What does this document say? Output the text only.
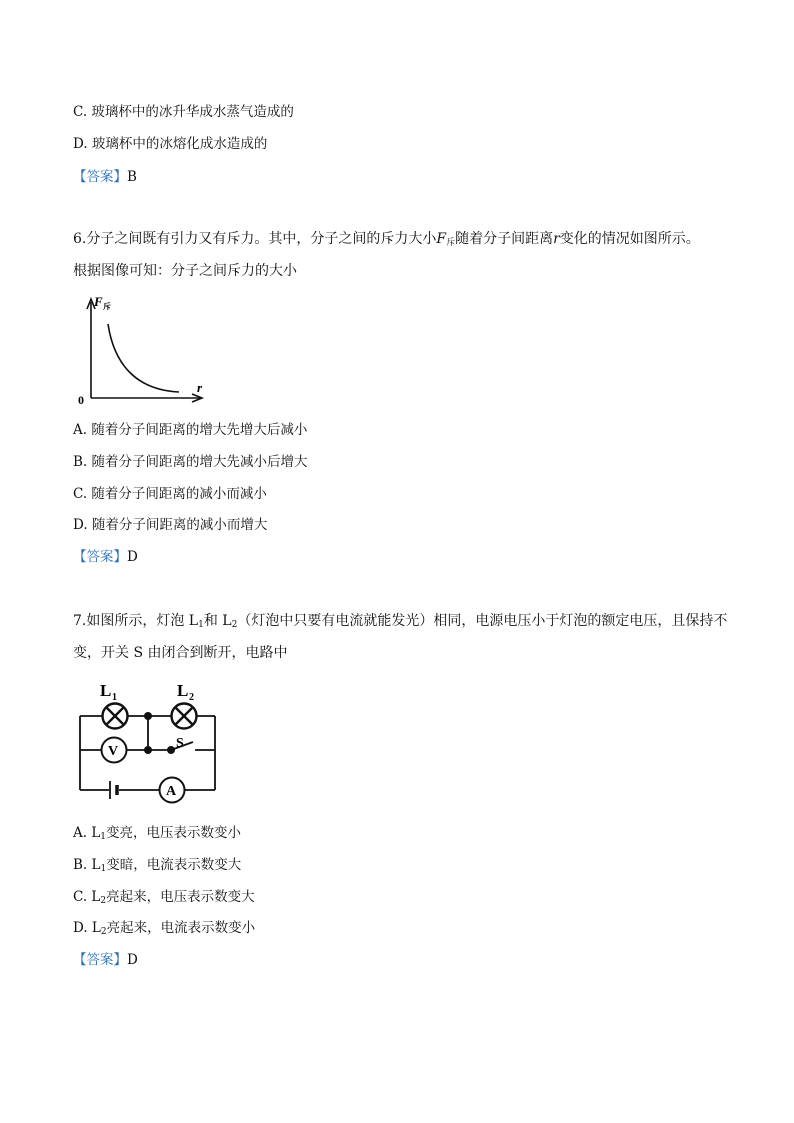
C. 玻璃杯中的冰升华成水蒸气造成的
D. 玻璃杯中的冰熔化成水造成的
【答案】B
6.分子之间既有引力又有斥力。其中，分子之间的斥力大小$F_斥$随着分子间距离r变化的情况如图所示。
根据图像可知：分子之间斥力的大小
F 斥
r
0
A. 随着分子间距离的增大先增大后减小
B. 随着分子间距离的增大先减小后增大
C. 随着分子间距离的减小而减小
D. 随着分子间距离的减小而增大
【答案】D
7.如图所示，灯泡 $L_1$和 $L_2$（灯泡中只要有电流就能发光）相同，电源电压小于灯泡的额定电压，且保持不
变，开关 S 由闭合到断开，电路中
L 1	L 2
V
S
A
A. $L_1$变亮，电压表示数变小
B. $L_1$变暗，电流表示数变大
C. $L_2$亮起来，电压表示数变大
D. $L_2$亮起来，电流表示数变小
【答案】D
